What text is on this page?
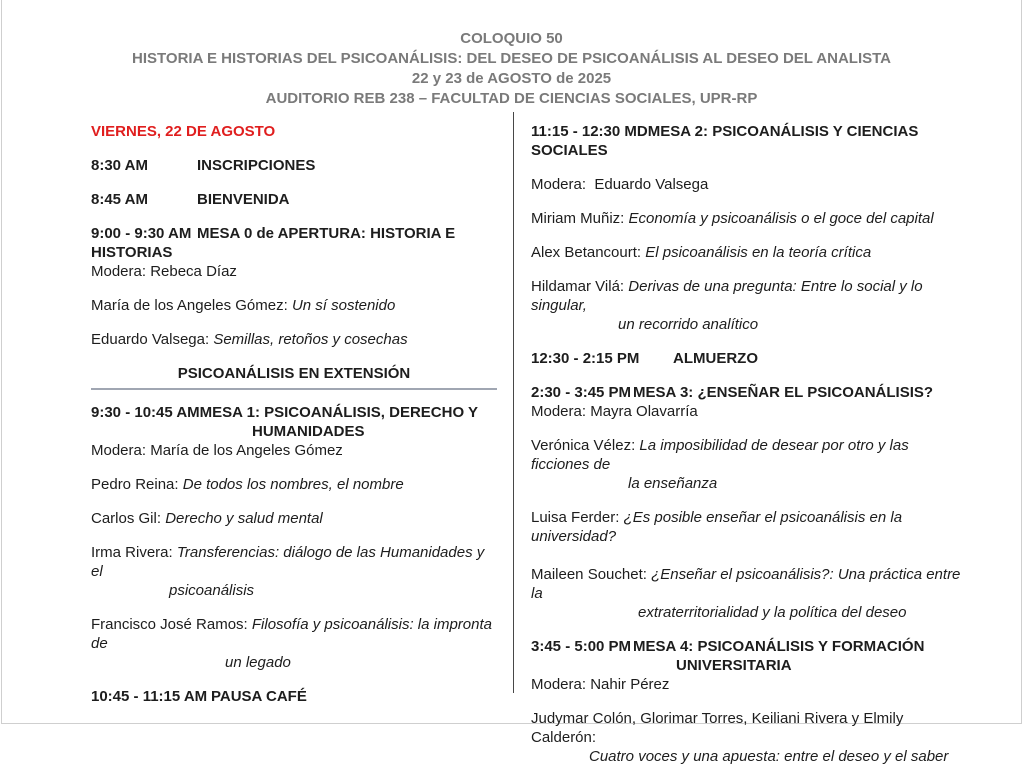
COLOQUIO 50
HISTORIA E HISTORIAS DEL PSICOANÁLISIS: DEL DESEO DE PSICOANÁLISIS AL DESEO DEL ANALISTA
22 y 23 de AGOSTO de 2025
AUDITORIO REB 238 – FACULTAD DE CIENCIAS SOCIALES, UPR-RP
VIERNES, 22 DE AGOSTO
8:30 AM	INSCRIPCIONES
8:45 AM	BIENVENIDA
9:00 - 9:30 AM MESA 0 de APERTURA: HISTORIA E HISTORIAS
Modera: Rebeca Díaz
María de los Angeles Gómez: Un sí sostenido
Eduardo Valsega: Semillas, retoños y cosechas
PSICOANÁLISIS EN EXTENSIÓN
9:30 - 10:45 AMMESA 1: PSICOANÁLISIS, DERECHO Y
HUMANIDADES
Modera: María de los Angeles Gómez
Pedro Reina: De todos los nombres, el nombre
Carlos Gil: Derecho y salud mental
Irma Rivera: Transferencias: diálogo de las Humanidades y el
psicoanálisis
Francisco José Ramos: Filosofía y psicoanálisis: la impronta de
un legado
10:45 - 11:15 AM PAUSA CAFÉ
11:15 - 12:30 MDMESA 2: PSICOANÁLISIS Y CIENCIAS SOCIALES
Modera:  Eduardo Valsega
Miriam Muñiz: Economía y psicoanálisis o el goce del capital
Alex Betancourt: El psicoanálisis en la teoría crítica
Hildamar Vilá: Derivas de una pregunta: Entre lo social y lo singular,
un recorrido analítico
12:30 - 2:15 PM ALMUERZO
2:30 - 3:45 PM MESA 3: ¿ENSEÑAR EL PSICOANÁLISIS?
Modera: Mayra Olavarría
Verónica Vélez: La imposibilidad de desear por otro y las ficciones de
la enseñanza
Luisa Ferder: ¿Es posible enseñar el psicoanálisis en la universidad?
Maileen Souchet: ¿Enseñar el psicoanálisis?: Una práctica entre la
extraterritorialidad y la política del deseo
3:45 - 5:00 PM MESA 4: PSICOANÁLISIS Y FORMACIÓN
UNIVERSITARIA
Modera: Nahir Pérez
Judymar Colón, Glorimar Torres, Keiliani Rivera y Elmily Calderón:
Cuatro voces y una apuesta: entre el deseo y el saber
